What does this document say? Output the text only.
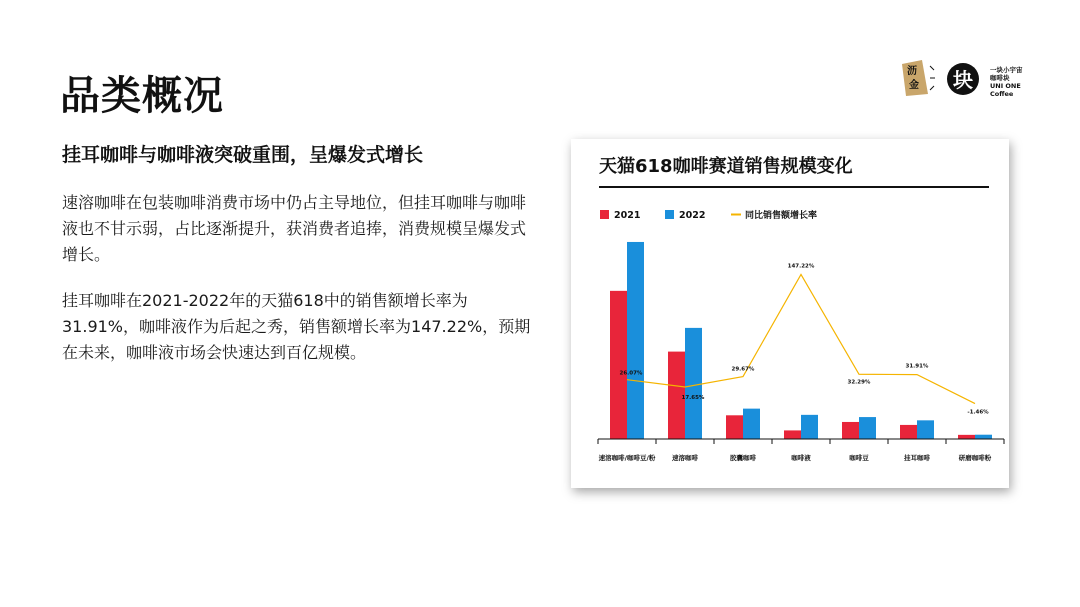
品类概况
挂耳咖啡与咖啡液突破重围，呈爆发式增长
速溶咖啡在包装咖啡消费市场中仍占主导地位，但挂耳咖啡与咖啡液也不甘示弱，占比逐渐提升，获消费者追捧，消费规模呈爆发式增长。
挂耳咖啡在2021-2022年的天猫618中的销售额增长率为31.91%，咖啡液作为后起之秀，销售额增长率为147.22%，预期在未来，咖啡液市场会快速达到百亿规模。
沥
金 块	一块小宇宙
咖啡块
UNI ONE
Coffee
天猫618咖啡赛道销售规模变化
2021	2022	同比销售额增长率
26.07%
17.65%
29.67%
147.22%
32.29%
31.91%
-1.46%
速溶咖啡/咖啡豆/粉	速溶咖啡	胶囊咖啡	咖啡液	咖啡豆	挂耳咖啡	研磨咖啡粉
